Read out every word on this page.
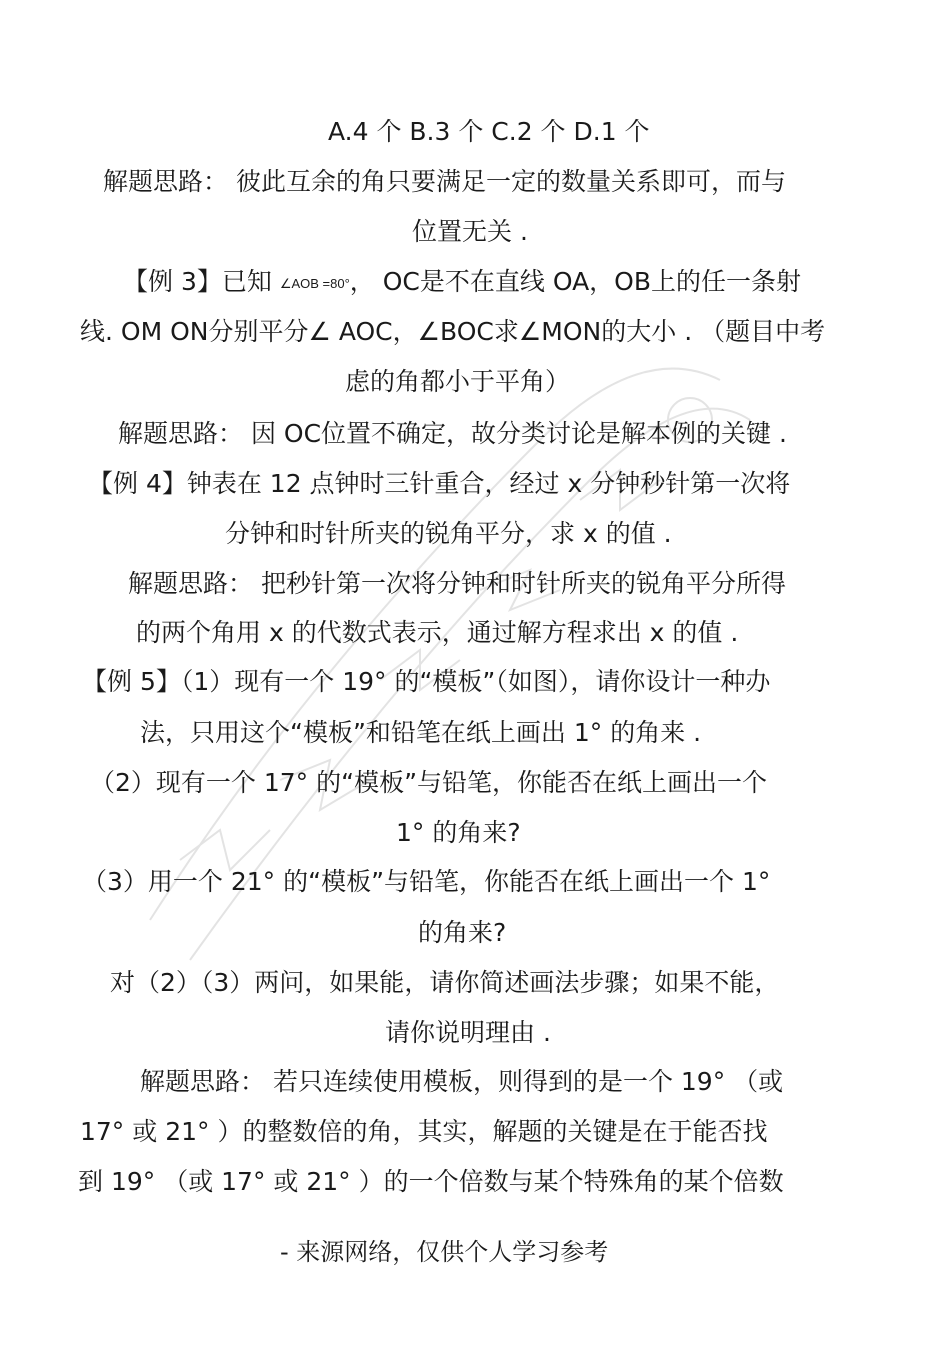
A.4 个 B.3 个 C.2 个 D.1 个
解题思路： 彼此互余的角只要满足一定的数量关系即可，而与
位置无关 .
【例 3】已知 ∠AOB =80°， OC是不在直线 OA，OB上的任一条射
线. OM ON分别平分∠ AOC，∠BOC求∠MON的大小 . （题目中考
虑的角都小于平角）
解题思路： 因 OC位置不确定，故分类讨论是解本例的关键 .
【例 4】钟表在 12 点钟时三针重合，经过 x 分钟秒针第一次将
分钟和时针所夹的锐角平分，求 x 的值 .
解题思路： 把秒针第一次将分钟和时针所夹的锐角平分所得
的两个角用 x 的代数式表示，通过解方程求出 x 的值 .
【例 5】（1）现有一个 19° 的“模板”（如图），请你设计一种办
法，只用这个“模板”和铅笔在纸上画出 1° 的角来 .
（2）现有一个 17° 的“模板”与铅笔，你能否在纸上画出一个
1° 的角来?
（3）用一个 21° 的“模板”与铅笔，你能否在纸上画出一个 1°
的角来?
对（2）（3）两问，如果能，请你简述画法步骤；如果不能，
请你说明理由 .
解题思路： 若只连续使用模板，则得到的是一个 19° （或
17° 或 21° ）的整数倍的角，其实，解题的关键是在于能否找
到 19° （或 17° 或 21° ）的一个倍数与某个特殊角的某个倍数
- 来源网络，仅供个人学习参考
